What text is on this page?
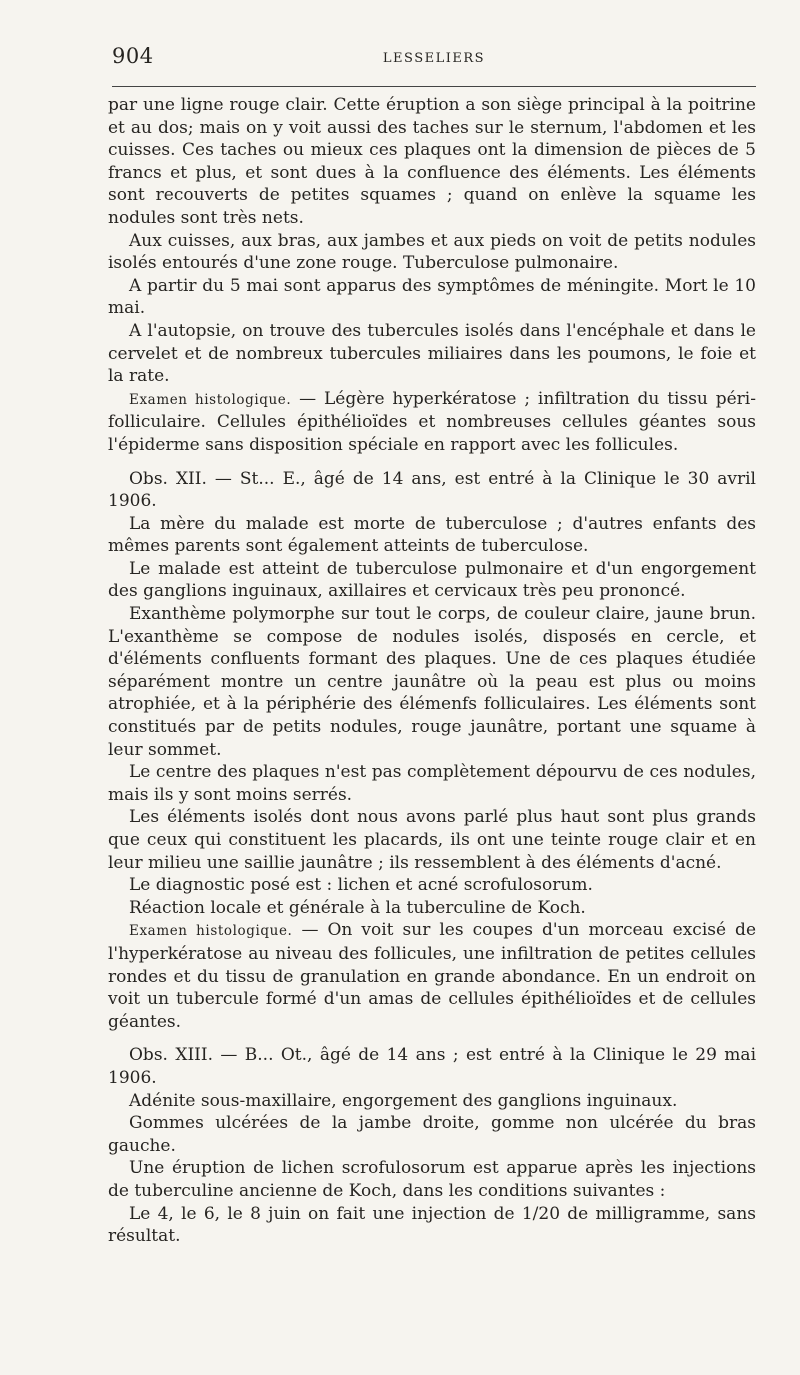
904	LESSELIERS

par une ligne rouge clair. Cette éruption a son siège principal à la poitrine et au dos; mais on y voit aussi des taches sur le sternum, l'abdomen et les cuisses. Ces taches ou mieux ces plaques ont la dimension de pièces de 5 francs et plus, et sont dues à la confluence des éléments. Les éléments sont recouverts de petites squames ; quand on enlève la squame les nodules sont très nets.

Aux cuisses, aux bras, aux jambes et aux pieds on voit de petits nodules isolés entourés d'une zone rouge. Tuberculose pulmonaire.

A partir du 5 mai sont apparus des symptômes de méningite. Mort le 10 mai.

A l'autopsie, on trouve des tubercules isolés dans l'encéphale et dans le cervelet et de nombreux tubercules miliaires dans les poumons, le foie et la rate.

Examen histologique. — Légère hyperkératose ; infiltration du tissu péri-folliculaire. Cellules épithélioïdes et nombreuses cellules géantes sous l'épiderme sans disposition spéciale en rapport avec les follicules.

Obs. XII. — St... E., âgé de 14 ans, est entré à la Clinique le 30 avril 1906.

La mère du malade est morte de tuberculose ; d'autres enfants des mêmes parents sont également atteints de tuberculose.

Le malade est atteint de tuberculose pulmonaire et d'un engorgement des ganglions inguinaux, axillaires et cervicaux très peu prononcé.

Exanthème polymorphe sur tout le corps, de couleur claire, jaune brun. L'exanthème se compose de nodules isolés, disposés en cercle, et d'éléments confluents formant des plaques. Une de ces plaques étudiée séparément montre un centre jaunâtre où la peau est plus ou moins atrophiée, et à la périphérie des élémenfs folliculaires. Les éléments sont constitués par de petits nodules, rouge jaunâtre, portant une squame à leur sommet.

Le centre des plaques n'est pas complètement dépourvu de ces nodules, mais ils y sont moins serrés.

Les éléments isolés dont nous avons parlé plus haut sont plus grands que ceux qui constituent les placards, ils ont une teinte rouge clair et en leur milieu une saillie jaunâtre ; ils ressemblent à des éléments d'acné.

Le diagnostic posé est : lichen et acné scrofulosorum.

Réaction locale et générale à la tuberculine de Koch.

Examen histologique. — On voit sur les coupes d'un morceau excisé de l'hyperkératose au niveau des follicules, une infiltration de petites cellules rondes et du tissu de granulation en grande abondance. En un endroit on voit un tubercule formé d'un amas de cellules épithélioïdes et de cellules géantes.

Obs. XIII. — B... Ot., âgé de 14 ans ; est entré à la Clinique le 29 mai 1906.

Adénite sous-maxillaire, engorgement des ganglions inguinaux.

Gommes ulcérées de la jambe droite, gomme non ulcérée du bras gauche.

Une éruption de lichen scrofulosorum est apparue après les injections de tuberculine ancienne de Koch, dans les conditions suivantes :

Le 4, le 6, le 8 juin on fait une injection de 1/20 de milligramme, sans résultat.
